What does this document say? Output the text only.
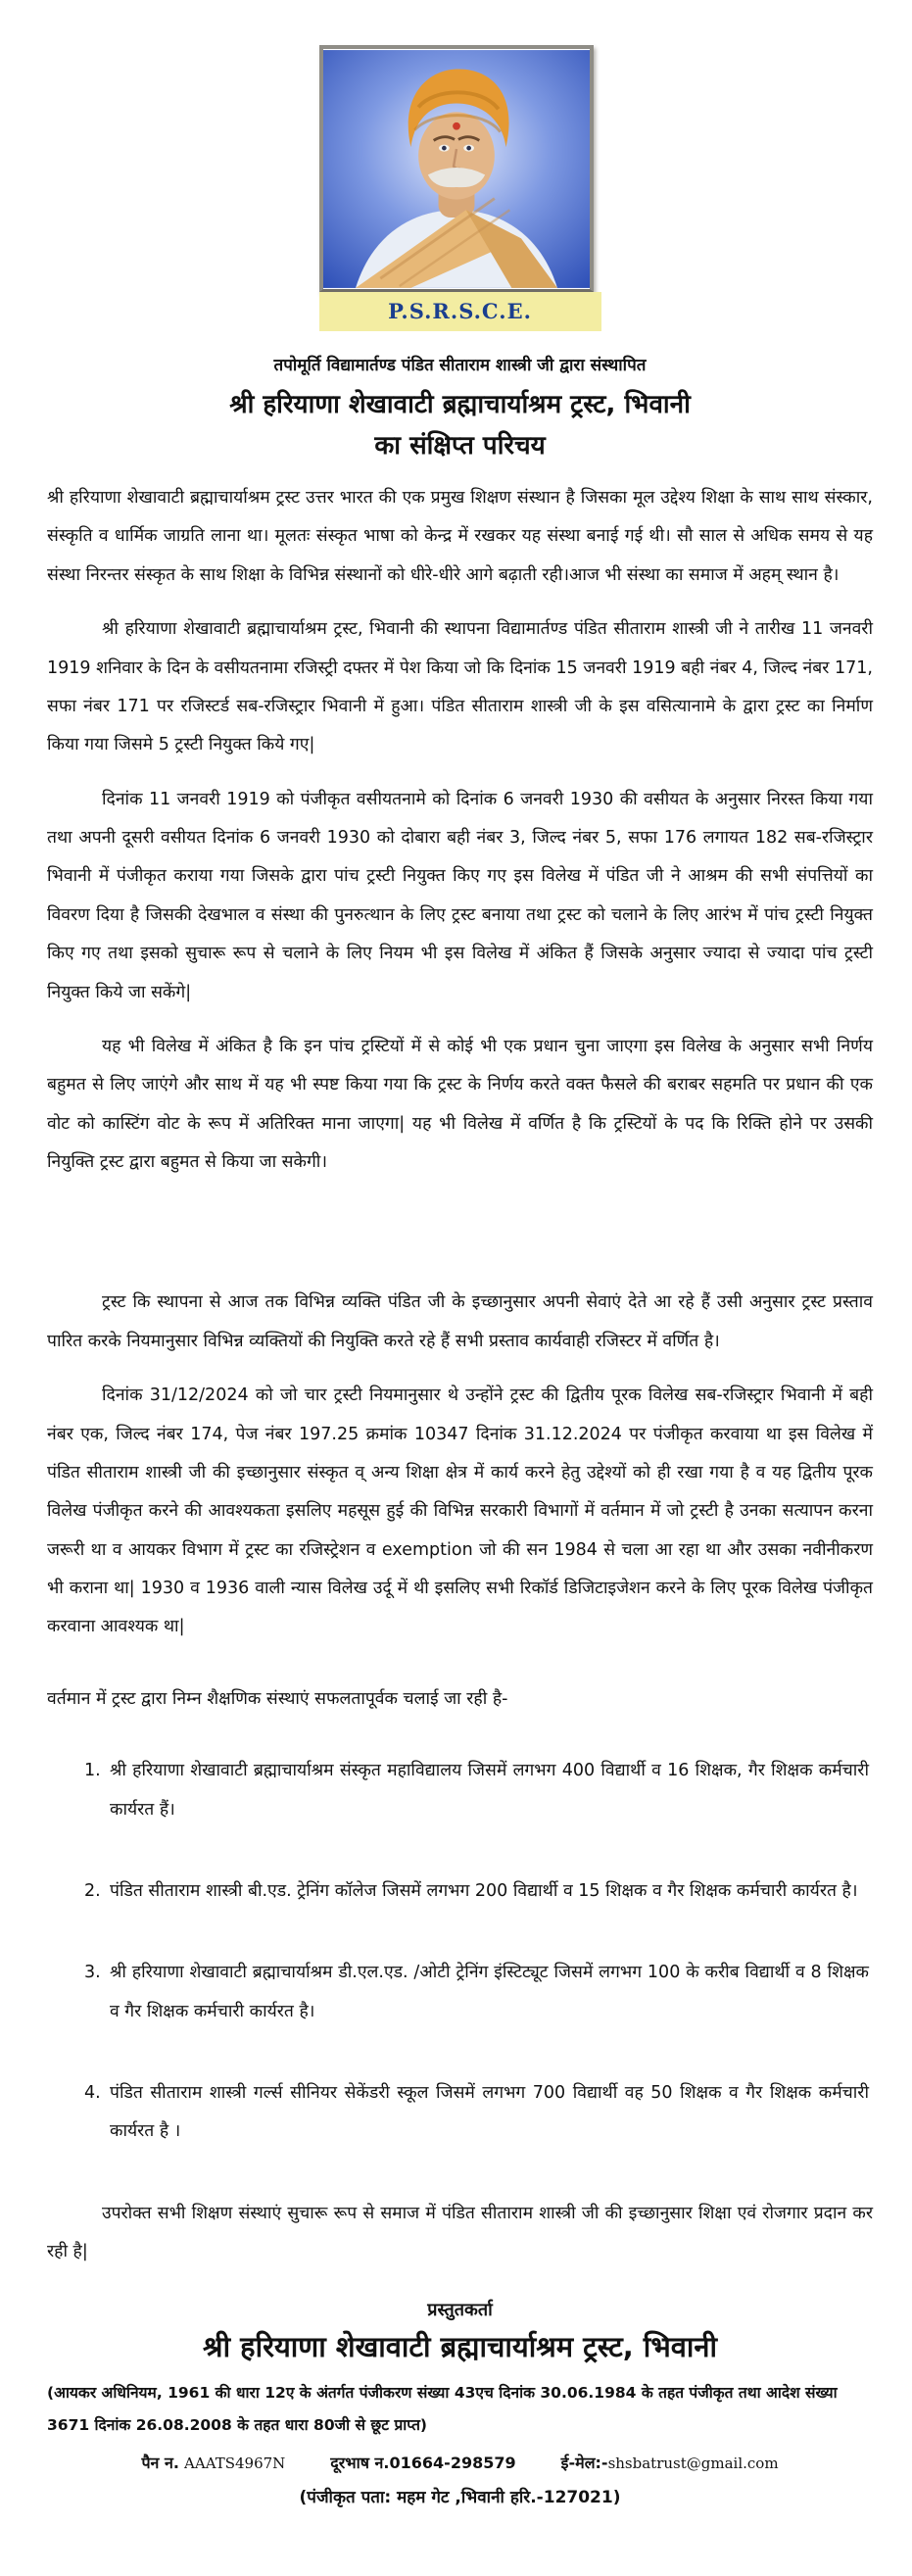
P.S.R.S.C.E.
तपोमूर्ति विद्यामार्तण्ड पंडित सीताराम शास्त्री जी द्वारा संस्थापित
श्री हरियाणा शेखावाटी ब्रह्माचार्याश्रम ट्रस्ट, भिवानी
का संक्षिप्त परिचय

श्री हरियाणा शेखावाटी ब्रह्माचार्याश्रम ट्रस्ट उत्तर भारत की एक प्रमुख शिक्षण संस्थान है जिसका मूल उद्देश्य शिक्षा के साथ साथ संस्कार, संस्कृति व धार्मिक जाग्रति लाना था। मूलतः संस्कृत भाषा को केन्द्र में रखकर यह संस्था बनाई गई थी। सौ साल से अधिक समय से यह संस्था निरन्तर संस्कृत के साथ शिक्षा के विभिन्न संस्थानों को धीरे-धीरे आगे बढ़ाती रही।आज भी संस्था का समाज में अहम् स्थान है।

श्री हरियाणा शेखावाटी ब्रह्माचार्याश्रम ट्रस्ट, भिवानी की स्थापना विद्यामार्तण्ड पंडित सीताराम शास्त्री जी ने तारीख 11 जनवरी 1919 शनिवार के दिन के वसीयतनामा रजिस्ट्री दफ्तर में पेश किया जो कि दिनांक 15 जनवरी 1919 बही नंबर 4, जिल्द नंबर 171, सफा नंबर 171 पर रजिस्टर्ड सब-रजिस्ट्रार भिवानी में हुआ। पंडित सीताराम शास्त्री जी के इस वसित्यानामे के द्वारा ट्रस्ट का निर्माण किया गया जिसमे 5 ट्रस्टी नियुक्त किये गए|

दिनांक 11 जनवरी 1919 को पंजीकृत वसीयतनामे को दिनांक 6 जनवरी 1930 की वसीयत के अनुसार निरस्त किया गया तथा अपनी दूसरी वसीयत दिनांक 6 जनवरी 1930 को दोबारा बही नंबर 3, जिल्द नंबर 5, सफा 176 लगायत 182 सब-रजिस्ट्रार भिवानी में पंजीकृत कराया गया जिसके द्वारा पांच ट्रस्टी नियुक्त किए गए इस विलेख में पंडित जी ने आश्रम की सभी संपत्तियों का विवरण दिया है जिसकी देखभाल व संस्था की पुनरुत्थान के लिए ट्रस्ट बनाया तथा ट्रस्ट को चलाने के लिए आरंभ में पांच ट्रस्टी नियुक्त किए गए तथा इसको सुचारू रूप से चलाने के लिए नियम भी इस विलेख में अंकित हैं जिसके अनुसार ज्यादा से ज्यादा पांच ट्रस्टी नियुक्त किये जा सकेंगे|

यह भी विलेख में अंकित है कि इन पांच ट्रस्टियों में से कोई भी एक प्रधान चुना जाएगा इस विलेख के अनुसार सभी निर्णय बहुमत से लिए जाएंगे और साथ में यह भी स्पष्ट किया गया कि ट्रस्ट के निर्णय करते वक्त फैसले की बराबर सहमति पर प्रधान की एक वोट को कास्टिंग वोट के रूप में अतिरिक्त माना जाएगा| यह भी विलेख में वर्णित है कि ट्रस्टियों के पद कि रिक्ति होने पर उसकी नियुक्ति ट्रस्ट द्वारा बहुमत से किया जा सकेगी।

ट्रस्ट कि स्थापना से आज तक विभिन्न व्यक्ति पंडित जी के इच्छानुसार अपनी सेवाएं देते आ रहे हैं उसी अनुसार ट्रस्ट प्रस्ताव पारित करके नियमानुसार विभिन्न व्यक्तियों की नियुक्ति करते रहे हैं सभी प्रस्ताव कार्यवाही रजिस्टर में वर्णित है।

दिनांक 31/12/2024 को जो चार ट्रस्टी नियमानुसार थे उन्होंने ट्रस्ट की द्वितीय पूरक विलेख सब-रजिस्ट्रार भिवानी में बही नंबर एक, जिल्द नंबर 174, पेज नंबर 197.25 क्रमांक 10347 दिनांक 31.12.2024 पर पंजीकृत करवाया था इस विलेख में पंडित सीताराम शास्त्री जी की इच्छानुसार संस्कृत व् अन्य शिक्षा क्षेत्र में कार्य करने हेतु उद्देश्यों को ही रखा गया है व यह द्वितीय पूरक विलेख पंजीकृत करने की आवश्यकता इसलिए महसूस हुई की विभिन्न सरकारी विभागों में वर्तमान में जो ट्रस्टी है उनका सत्यापन करना जरूरी था व आयकर विभाग में ट्रस्ट का रजिस्ट्रेशन व exemption जो की सन 1984 से चला आ रहा था और उसका नवीनीकरण भी कराना था| 1930 व 1936 वाली न्यास विलेख उर्दू में थी इसलिए सभी रिकॉर्ड डिजिटाइजेशन करने के लिए पूरक विलेख पंजीकृत करवाना आवश्यक था|

वर्तमान में ट्रस्ट द्वारा निम्न शैक्षणिक संस्थाएं सफलतापूर्वक चलाई जा रही है-

1. श्री हरियाणा शेखावाटी ब्रह्माचार्याश्रम संस्कृत महाविद्यालय जिसमें लगभग 400 विद्यार्थी व 16 शिक्षक, गैर शिक्षक कर्मचारी कार्यरत हैं।
2. पंडित सीताराम शास्त्री बी.एड. ट्रेनिंग कॉलेज जिसमें लगभग 200 विद्यार्थी व 15 शिक्षक व गैर शिक्षक कर्मचारी कार्यरत है।
3. श्री हरियाणा शेखावाटी ब्रह्माचार्याश्रम डी.एल.एड. /ओटी ट्रेनिंग इंस्टिट्यूट जिसमें लगभग 100 के करीब विद्यार्थी व 8 शिक्षक व गैर शिक्षक कर्मचारी कार्यरत है।
4. पंडित सीताराम शास्त्री गर्ल्स सीनियर सेकेंडरी स्कूल जिसमें लगभग 700 विद्यार्थी वह 50 शिक्षक व गैर शिक्षक कर्मचारी कार्यरत है ।

उपरोक्त सभी शिक्षण संस्थाएं सुचारू रूप से समाज में पंडित सीताराम शास्त्री जी की इच्छानुसार शिक्षा एवं रोजगार प्रदान कर रही है|

प्रस्तुतकर्ता
श्री हरियाणा शेखावाटी ब्रह्माचार्याश्रम ट्रस्ट, भिवानी

(आयकर अधिनियम, 1961 की धारा 12ए के अंतर्गत पंजीकरण संख्या 43एच दिनांक 30.06.1984 के तहत पंजीकृत तथा आदेश संख्या 3671 दिनांक 26.08.2008 के तहत धारा 80जी से छूट प्राप्त)

पैन न. AAATS4967N	दूरभाष न.01664-298579	ई-मेल:-shsbatrust@gmail.com

(पंजीकृत पता: महम गेट ,भिवानी हरि.-127021)
